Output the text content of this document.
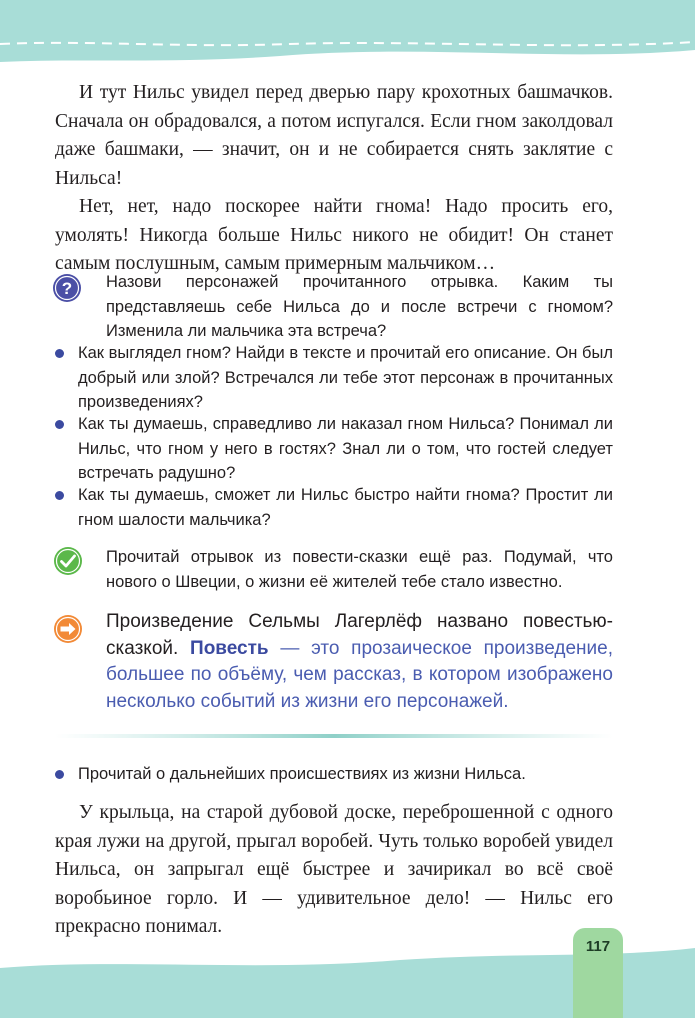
И тут Нильс увидел перед дверью пару крохотных башмачков. Сначала он обрадовался, а потом испугался. Если гном заколдовал даже башмаки, — значит, он и не собирается снять заклятие с Нильса!

Нет, нет, надо поскорее найти гнома! Надо просить его, умолять! Никогда больше Нильс никого не обидит! Он станет самым послушным, самым примерным мальчиком…

? Назови персонажей прочитанного отрывка. Каким ты представляешь себе Нильса до и после встречи с гномом? Изменила ли мальчика эта встреча?
Как выглядел гном? Найди в тексте и прочитай его описание. Он был добрый или злой? Встречался ли тебе этот персонаж в прочитанных произведениях?
Как ты думаешь, справедливо ли наказал гном Нильса? Понимал ли Нильс, что гном у него в гостях? Знал ли о том, что гостей следует встречать радушно?
Как ты думаешь, сможет ли Нильс быстро найти гнома? Простит ли гном шалости мальчика?
Прочитай отрывок из повести-сказки ещё раз. Подумай, что нового о Швеции, о жизни её жителей тебе стало известно.
Произведение Сельмы Лагерлёф названо повестью-сказкой. Повесть — это прозаическое произведение, большее по объёму, чем рассказ, в котором изображено несколько событий из жизни его персонажей.
Прочитай о дальнейших происшествиях из жизни Нильса.

У крыльца, на старой дубовой доске, переброшенной с одного края лужи на другой, прыгал воробей. Чуть только воробей увидел Нильса, он запрыгал ещё быстрее и зачирикал во всё своё воробьиное горло. И — удивительное дело! — Нильс его прекрасно понимал.

117
